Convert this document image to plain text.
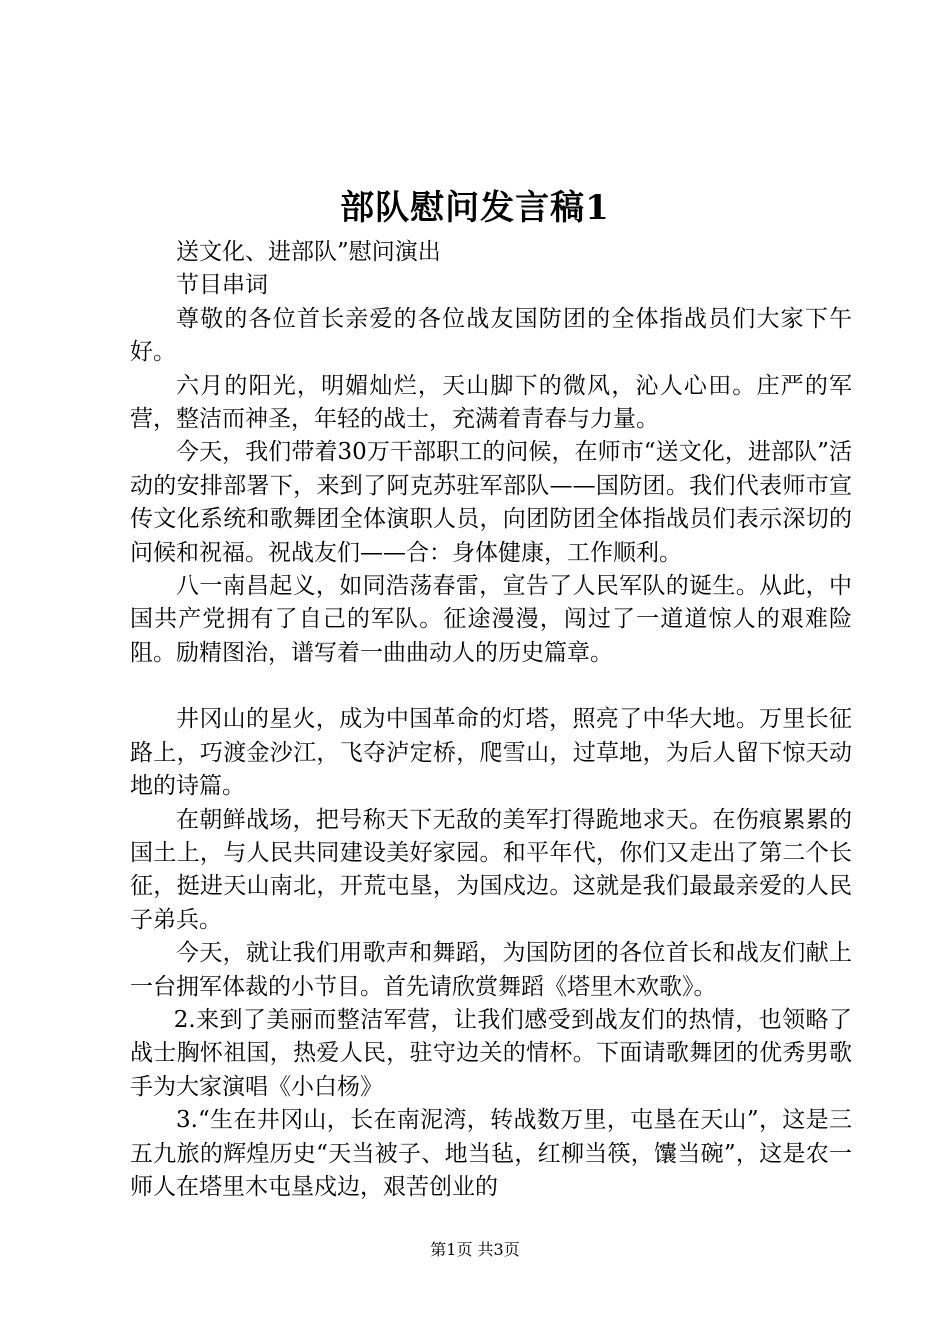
部队慰问发言稿1

送文化、进部队”慰问演出

节目串词

尊敬的各位首长亲爱的各位战友国防团的全体指战员们大家下午好。

六月的阳光，明媚灿烂，天山脚下的微风，沁人心田。庄严的军营，整洁而神圣，年轻的战士，充满着青春与力量。

今天，我们带着30万干部职工的问候，在师市“送文化，进部队”活动的安排部署下，来到了阿克苏驻军部队——国防团。我们代表师市宣传文化系统和歌舞团全体演职人员，向团防团全体指战员们表示深切的问候和祝福。祝战友们——合：身体健康，工作顺利。

八一南昌起义，如同浩荡春雷，宣告了人民军队的诞生。从此，中国共产党拥有了自己的军队。征途漫漫，闯过了一道道惊人的艰难险阻。励精图治，谱写着一曲曲动人的历史篇章。

井冈山的星火，成为中国革命的灯塔，照亮了中华大地。万里长征路上，巧渡金沙江，飞夺泸定桥，爬雪山，过草地，为后人留下惊天动地的诗篇。

在朝鲜战场，把号称天下无敌的美军打得跪地求天。在伤痕累累的国土上，与人民共同建设美好家园。和平年代，你们又走出了第二个长征，挺进天山南北，开荒屯垦，为国戍边。这就是我们最最亲爱的人民子弟兵。

今天，就让我们用歌声和舞蹈，为国防团的各位首长和战友们献上一台拥军体裁的小节目。首先请欣赏舞蹈《塔里木欢歌》。

2.来到了美丽而整洁军营，让我们感受到战友们的热情，也领略了战士胸怀祖国，热爱人民，驻守边关的情杯。下面请歌舞团的优秀男歌手为大家演唱《小白杨》

3.“生在井冈山，长在南泥湾，转战数万里，屯垦在天山”，这是三五九旅的辉煌历史“天当被子、地当毡，红柳当筷，馕当碗”，这是农一师人在塔里木屯垦戍边，艰苦创业的

第1页 共3页
